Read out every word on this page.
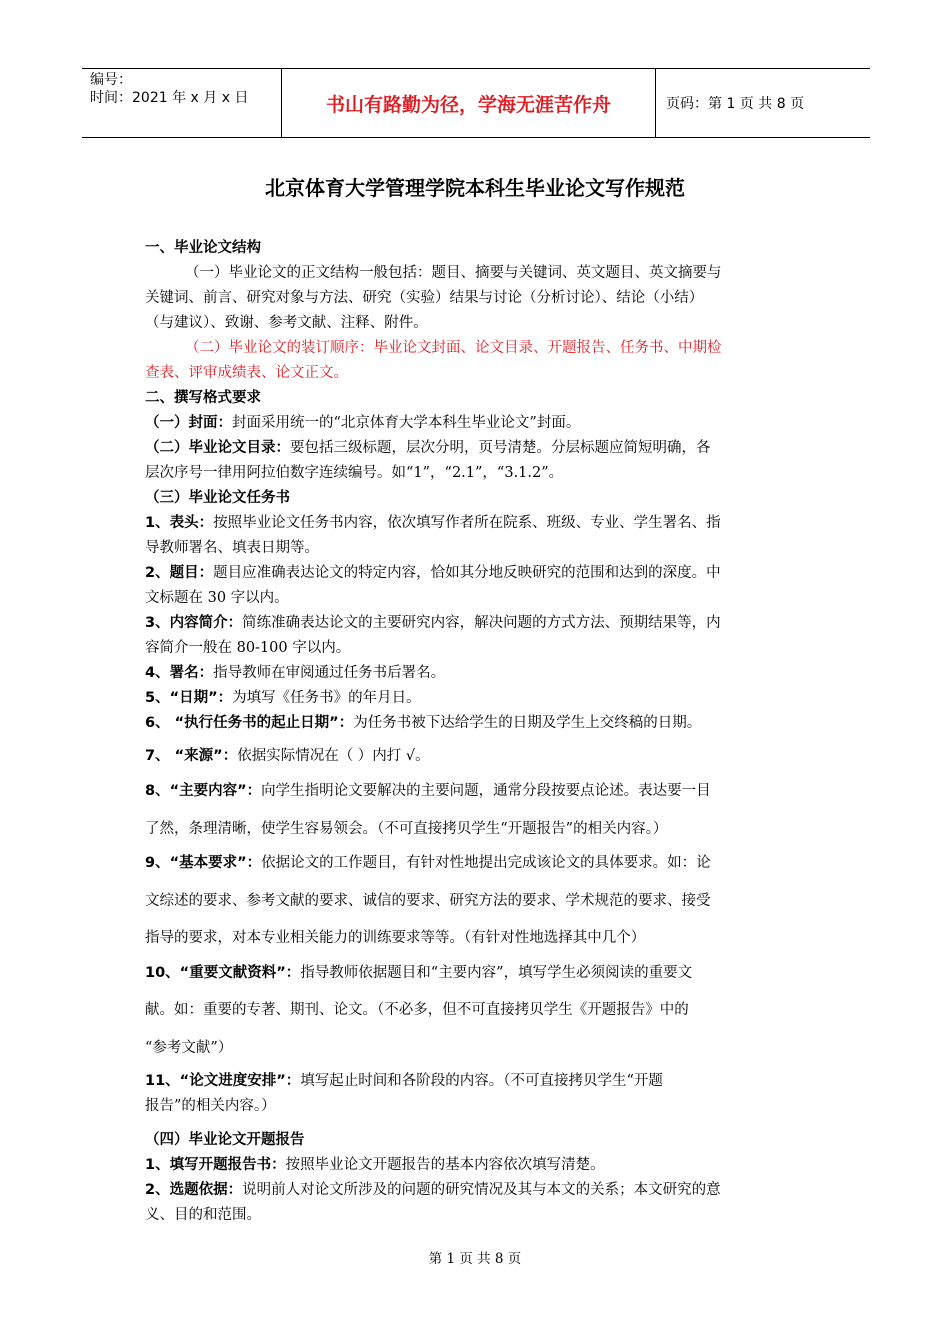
编号：
时间：2021 年 x 月 x 日	书山有路勤为径，学海无涯苦作舟	页码：第 1 页 共 8 页
北京体育大学管理学院本科生毕业论文写作规范
一、毕业论文结构
（一）毕业论文的正文结构一般包括：题目、摘要与关键词、英文题目、英文摘要与
关键词、前言、研究对象与方法、研究（实验）结果与讨论（分析讨论）、结论（小结）
（与建议）、致谢、参考文献、注释、附件。
（二）毕业论文的装订顺序：毕业论文封面、论文目录、开题报告、任务书、中期检
查表、评审成绩表、论文正文。
二、撰写格式要求
（一）封面：封面采用统一的“北京体育大学本科生毕业论文”封面。
（二）毕业论文目录：要包括三级标题，层次分明，页号清楚。分层标题应简短明确，各
层次序号一律用阿拉伯数字连续编号。如“1”，“2.1”，“3.1.2”。
（三）毕业论文任务书
1、表头：按照毕业论文任务书内容，依次填写作者所在院系、班级、专业、学生署名、指
导教师署名、填表日期等。
2、题目：题目应准确表达论文的特定内容，恰如其分地反映研究的范围和达到的深度。中
文标题在 30 字以内。
3、内容简介：简练准确表达论文的主要研究内容，解决问题的方式方法、预期结果等，内
容简介一般在 80-100 字以内。
4、署名：指导教师在审阅通过任务书后署名。
5、“日期”：为填写《任务书》的年月日。
6、 “执行任务书的起止日期”：为任务书被下达给学生的日期及学生上交终稿的日期。
7、 “来源”：依据实际情况在（ ）内打 √。
8、“主要内容”：向学生指明论文要解决的主要问题，通常分段按要点论述。表达要一目
了然，条理清晰，使学生容易领会。（不可直接拷贝学生“开题报告”的相关内容。）
9、“基本要求”：依据论文的工作题目，有针对性地提出完成该论文的具体要求。如：论
文综述的要求、参考文献的要求、诚信的要求、研究方法的要求、学术规范的要求、接受
指导的要求，对本专业相关能力的训练要求等等。（有针对性地选择其中几个）
10、“重要文献资料”：指导教师依据题目和“主要内容”，填写学生必须阅读的重要文
献。如：重要的专著、期刊、论文。（不必多，但不可直接拷贝学生《开题报告》中的
“参考文献”）
11、“论文进度安排”：填写起止时间和各阶段的内容。（不可直接拷贝学生“开题
报告”的相关内容。）
（四）毕业论文开题报告
1、填写开题报告书：按照毕业论文开题报告的基本内容依次填写清楚。
2、选题依据：说明前人对论文所涉及的问题的研究情况及其与本文的关系；本文研究的意
义、目的和范围。
第 1 页 共 8 页
